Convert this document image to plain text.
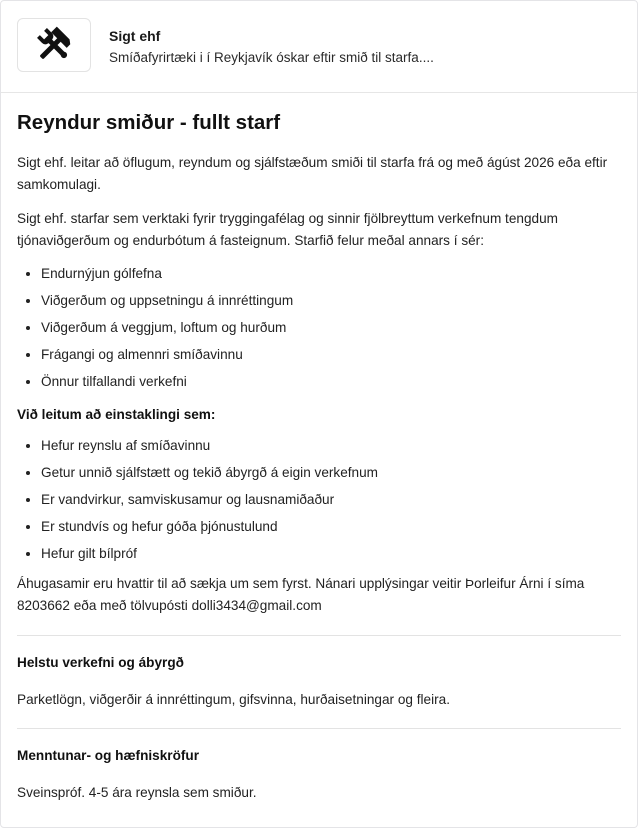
Sigt ehf
Smíðafyrirtæki i í Reykjavík óskar eftir smið til starfa....
Reyndur smiður - fullt starf

Sigt ehf. leitar að öflugum, reyndum og sjálfstæðum smiði til starfa frá og með ágúst 2026 eða eftir samkomulagi.

Sigt ehf. starfar sem verktaki fyrir tryggingafélag og sinnir fjölbreyttum verkefnum tengdum tjónaviðgerðum og endurbótum á fasteignum. Starfið felur meðal annars í sér:

• Endurnýjun gólfefna
• Viðgerðum og uppsetningu á innréttingum
• Viðgerðum á veggjum, loftum og hurðum
• Frágangi og almennri smíðavinnu
• Önnur tilfallandi verkefni
Við leitum að einstaklingi sem:
• Hefur reynslu af smíðavinnu
• Getur unnið sjálfstætt og tekið ábyrgð á eigin verkefnum
• Er vandvirkur, samviskusamur og lausnamiðaður
• Er stundvís og hefur góða þjónustulund
• Hefur gilt bílpróf

Áhugasamir eru hvattir til að sækja um sem fyrst. Nánari upplýsingar veitir Þorleifur Árni í síma 8203662 eða með tölvupósti dolli3434@gmail.com

Helstu verkefni og ábyrgð

Parketlögn, viðgerðir á innréttingum, gifsvinna, hurðaisetningar og fleira.

Menntunar- og hæfniskröfur

Sveinspróf. 4-5 ára reynsla sem smiður.
